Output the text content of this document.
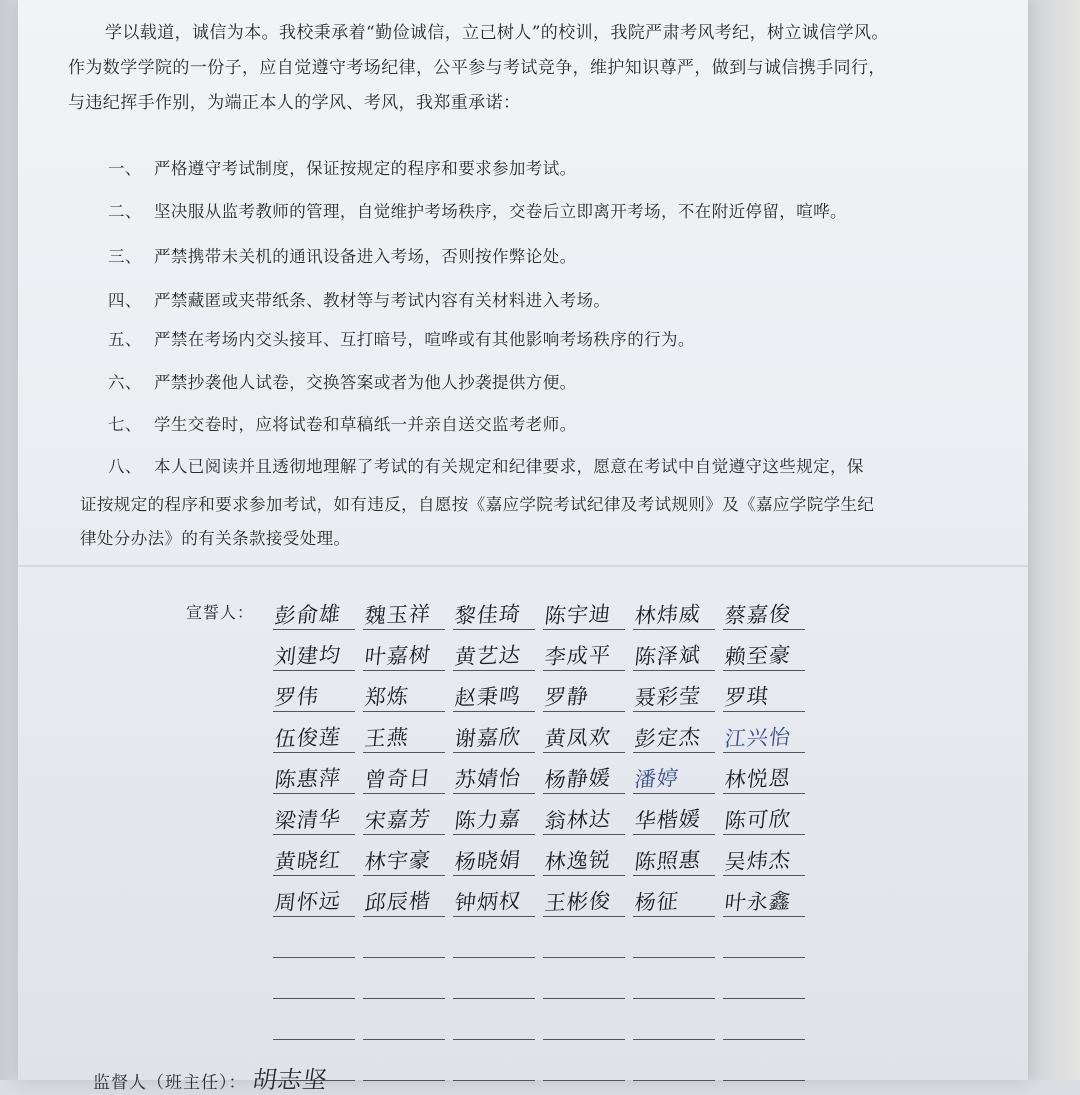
学以载道，诚信为本。我校秉承着“勤俭诚信，立己树人”的校训，我院严肃考风考纪，树立诚信学风。
作为数学学院的一份子，应自觉遵守考场纪律，公平参与考试竞争，维护知识尊严，做到与诚信携手同行，
与违纪挥手作别，为端正本人的学风、考风，我郑重承诺：
一、 严格遵守考试制度，保证按规定的程序和要求参加考试。
二、 坚决服从监考教师的管理，自觉维护考场秩序，交卷后立即离开考场，不在附近停留，喧哗。
三、 严禁携带未关机的通讯设备进入考场，否则按作弊论处。
四、 严禁藏匿或夹带纸条、教材等与考试内容有关材料进入考场。
五、 严禁在考场内交头接耳、互打暗号，喧哗或有其他影响考场秩序的行为。
六、 严禁抄袭他人试卷，交换答案或者为他人抄袭提供方便。
七、 学生交卷时，应将试卷和草稿纸一并亲自送交监考老师。
八、 本人已阅读并且透彻地理解了考试的有关规定和纪律要求，愿意在考试中自觉遵守这些规定，保
证按规定的程序和要求参加考试，如有违反，自愿按《嘉应学院考试纪律及考试规则》及《嘉应学院学生纪
律处分办法》的有关条款接受处理。
宣誓人： 彭俞雄 魏玉祥 黎佳琦 陈宇迪 林炜威 蔡嘉俊
刘建均 叶嘉树 黄艺达 李成平 陈泽斌 赖至豪
罗伟 郑炼 赵秉鸣 罗静 聂彩莹 罗琪
伍俊莲 王燕 谢嘉欣 黄凤欢 彭定杰 江兴怡
陈惠萍 曾奇日 苏婧怡 杨静媛 潘婷 林悦恩
梁清华 宋嘉芳 陈力嘉 翁林达 华楷媛 陈可欣
黄晓红 林宇豪 杨晓娟 林逸锐 陈照惠 吴炜杰
周怀远 邱辰楷 钟炳权 王彬俊 杨征 叶永鑫
监督人（班主任）： 胡志坚
